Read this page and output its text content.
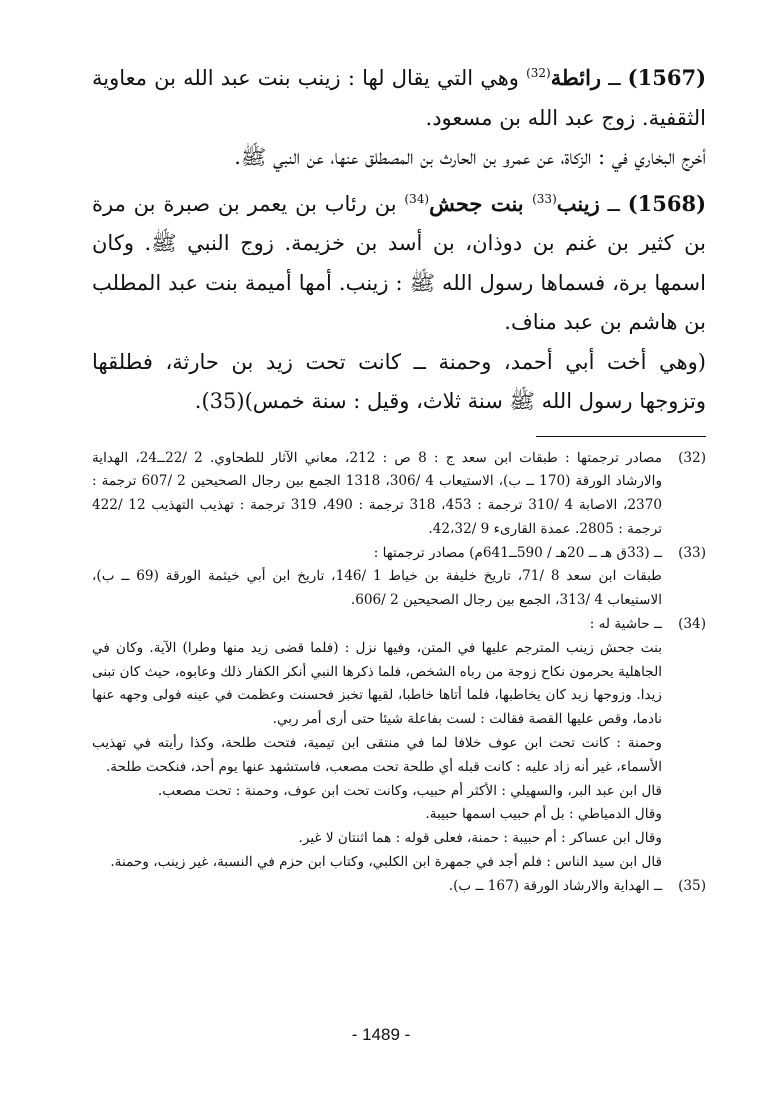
(1567) ــ رائطة$^{(32)}$ وهي التي يقال لها : زينب بنت عبد الله بن معاوية الثقفية. زوج عبد الله بن مسعود.

أخرج البخاري في : الزكاة، عن عمرو بن الحارث بن المصطلق عنها، عن النبي ﷺ.

(1568) ــ زينب$^{(33)}$ بنت جحش$^{(34)}$ بن رئاب بن يعمر بن صبرة بن مرة بن كثير بن غنم بن دوذان، بن أسد بن خزيمة. زوج النبي ﷺ. وكان اسمها برة، فسماها رسول الله ﷺ : زينب. أمها أميمة بنت عبد المطلب بن هاشم بن عبد مناف.

(وهي أخت أبي أحمد، وحمنة ــ كانت تحت زيد بن حارثة، فطلقها وتزوجها رسول الله ﷺ سنة ثلاث، وقيل : سنة خمس)(35).

(32)

مصادر ترجمتها : طبقات ابن سعد ج : 8 ص : 212، معاني الآثار للطحاوي. 2 /22ــ24، الهداية والارشاد الورقة (170 ــ ب)، الاستيعاب 4 /306، 1318 الجمع بين رجال الصحيحين 2 /607 ترجمة : 2370، الاصابة 4 /310 ترجمة : 453، 318 ترجمة : 490، 319 ترجمة : تهذيب التهذيب 12 /422 ترجمة : 2805. عمدة القارىء 9 /42،32.

(33)

ــ (33ق هـ ــ 20هـ / 590ــ641م) مصادر ترجمتها :

طبقات ابن سعد 8 /71، تاريخ خليفة بن خياط 1 /146، تاريخ ابن أبي خيثمة الورقة (69 ــ ب)، الاستيعاب 4 /313، الجمع بين رجال الصحيحين 2 /606.

(34)

ــ حاشية له :

بنت جحش زينب المترجم عليها في المتن، وفيها نزل : (فلما قضى زيد منها وطرا) الآية. وكان في الجاهلية يحرمون نكاح زوجة من رباه الشخص، فلما ذكرها النبي أنكر الكفار ذلك وعابوه، حيث كان تبنى زيدا. وزوجها زيد كان يخاطبها، فلما أتاها خاطبا، لقيها تخبز فحسنت وعظمت في عينه فولى وجهه عنها نادما، وقص عليها القصة فقالت : لست بفاعلة شيئا حتى أرى أمر ربي.

وحمنة : كانت تحت ابن عوف خلافا لما في منتقى ابن تيمية، فتحت طلحة، وكذا رأيته في تهذيب الأسماء، غير أنه زاد عليه : كانت قبله أي طلحة تحت مصعب، فاستشهد عنها يوم أحد، فنكحت طلحة.

قال ابن عبد البر، والسهيلي : الأكثر أم حبيب، وكانت تحت ابن عوف، وحمنة : تحت مصعب.

وقال الدمياطي : بل أم حبيب اسمها حبيبة.

وقال ابن عساكر : أم حبيبة : حمنة، فعلى قوله : هما اثنتان لا غير.

قال ابن سيد الناس : فلم أجد في جمهرة ابن الكلبي، وكتاب ابن حزم في النسبة، غير زينب، وحمنة.

(35)

ــ الهداية والارشاد الورقة (167 ــ ب).

- 1489 -
